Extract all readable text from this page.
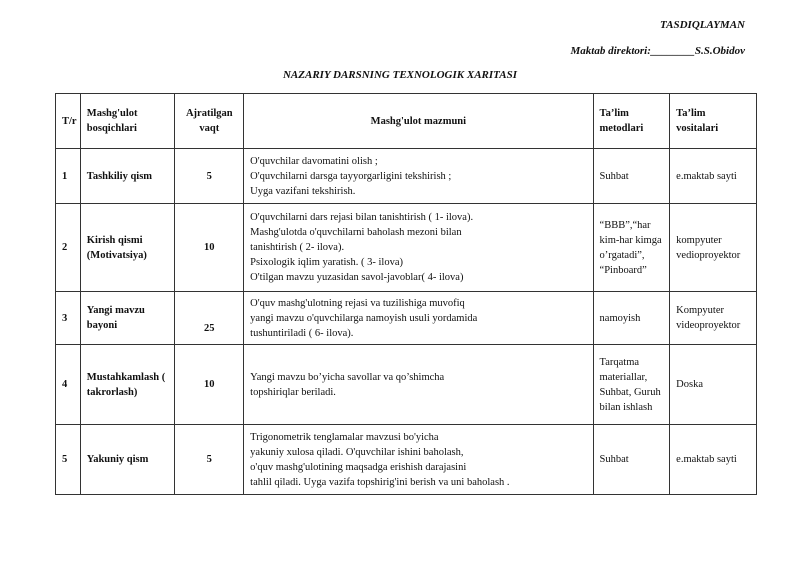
TASDIQLAYMAN
Maktab direktori:________S.S.Obidov
NAZARIY DARSNING TEXNOLOGIK XARITASI
T/r	Mashg'ulot bosqichlari	Ajratilgan vaqt	Mashg'ulot mazmuni	Ta’lim metodlari	Ta’lim vositalari
1	Tashkiliy qism	5	O'quvchilar davomatini olish ;
O'quvchilarni darsga tayyorgarligini tekshirish ;
Uyga vazifani tekshirish.	Suhbat	e.maktab sayti
2	Kirish qismi (Motivatsiya)	10	O'quvchilarni dars rejasi bilan tanishtirish ( 1- ilova).
Mashg'ulotda o'quvchilarni baholash mezoni bilan
tanishtirish ( 2- ilova).
Psixologik iqlim yaratish. ( 3- ilova)
O'tilgan mavzu yuzasidan savol-javoblar( 4- ilova)	“BBB”,“har kim-har kimga o’rgatadi”, “Pinboard”	kompyuter vedioproyektor
3	Yangi mavzu bayoni	25	O'quv mashg'ulotning rejasi va tuzilishiga muvofiq
yangi mavzu o'quvchilarga namoyish usuli yordamida
tushuntiriladi ( 6- ilova).	namoyish	Kompyuter videoproyektor
4	Mustahkamlash ( takrorlash)	10	Yangi mavzu bo’yicha savollar va qo’shimcha
topshiriqlar beriladi.	Tarqatma materiallar, Suhbat, Guruh bilan ishlash	Doska
5	Yakuniy qism	5	Trigonometrik tenglamalar mavzusi bo'yicha
yakuniy xulosa qiladi. O'quvchilar ishini baholash,
o'quv mashg'ulotining maqsadga erishish darajasini
tahlil qiladi. Uyga vazifa topshirig'ini berish va uni baholash .	Suhbat	e.maktab sayti
